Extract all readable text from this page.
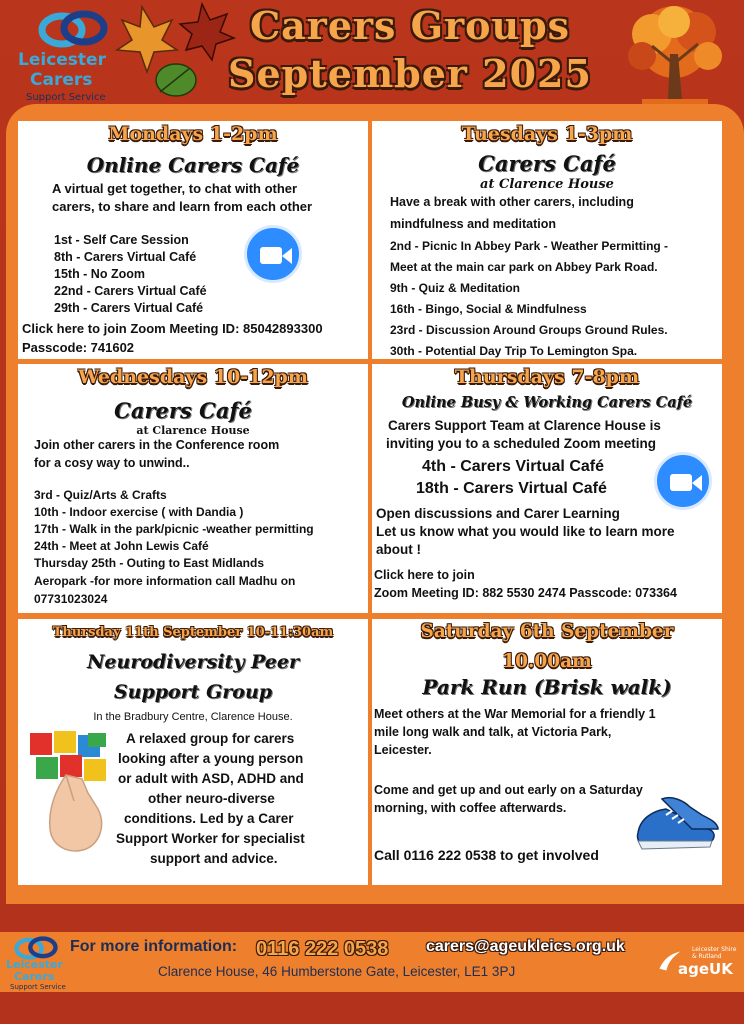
Leicester
Carers
Support Service
Carers Groups
September 2025
Mondays 1-2pm
Online Carers Café
A virtual get together, to chat with other
carers, to share and learn from each other
1st - Self Care Session
8th - Carers Virtual Café
15th - No Zoom
22nd - Carers Virtual Café
29th - Carers Virtual Café
Click here to join Zoom Meeting ID: 85042893300
Passcode: 741602
Tuesdays 1-3pm
Carers Café
at Clarence House
Have a break with other carers, including
mindfulness and meditation
2nd - Picnic In Abbey Park - Weather Permitting -
Meet at the main car park on Abbey Park Road.
9th - Quiz & Meditation
16th - Bingo, Social & Mindfulness
23rd - Discussion Around Groups Ground Rules.
30th - Potential Day Trip To Lemington Spa.
Wednesdays 10-12pm
Carers Café
at Clarence House
Join other carers in the Conference room
for a cosy way to unwind..
3rd - Quiz/Arts & Crafts
10th - Indoor exercise ( with Dandia )
17th - Walk in the park/picnic -weather permitting
24th - Meet at John Lewis Café
Thursday 25th - Outing to East Midlands
Aeropark -for more information call Madhu on
07731023024
Thursdays 7-8pm
Online Busy & Working Carers Café
Carers Support Team at Clarence House is
inviting you to a scheduled Zoom meeting
4th - Carers Virtual Café
18th - Carers Virtual Café
Open discussions and Carer Learning
Let us know what you would like to learn more
about !
Click here to join
Zoom Meeting ID: 882 5530 2474 Passcode: 073364
Thursday 11th September 10-11:30am
Neurodiversity Peer
Support Group
In the Bradbury Centre, Clarence House.
A relaxed group for carers
looking after a young person
or adult with ASD, ADHD and
other neuro-diverse
conditions. Led by a Carer
Support Worker for specialist
support and advice.
Saturday 6th September
10.00am
Park Run (Brisk walk)
Meet others at the War Memorial for a friendly 1
mile long walk and talk, at Victoria Park,
Leicester.
Come and get up and out early on a Saturday
morning, with coffee afterwards.
Call 0116 222 0538 to get involved
Leicester
Carers
Support Service
For more information: 0116 222 0538 carers@ageukleics.org.uk
Clarence House, 46 Humberstone Gate, Leicester, LE1 3PJ
Leicester Shire
& Rutland
ageUK
